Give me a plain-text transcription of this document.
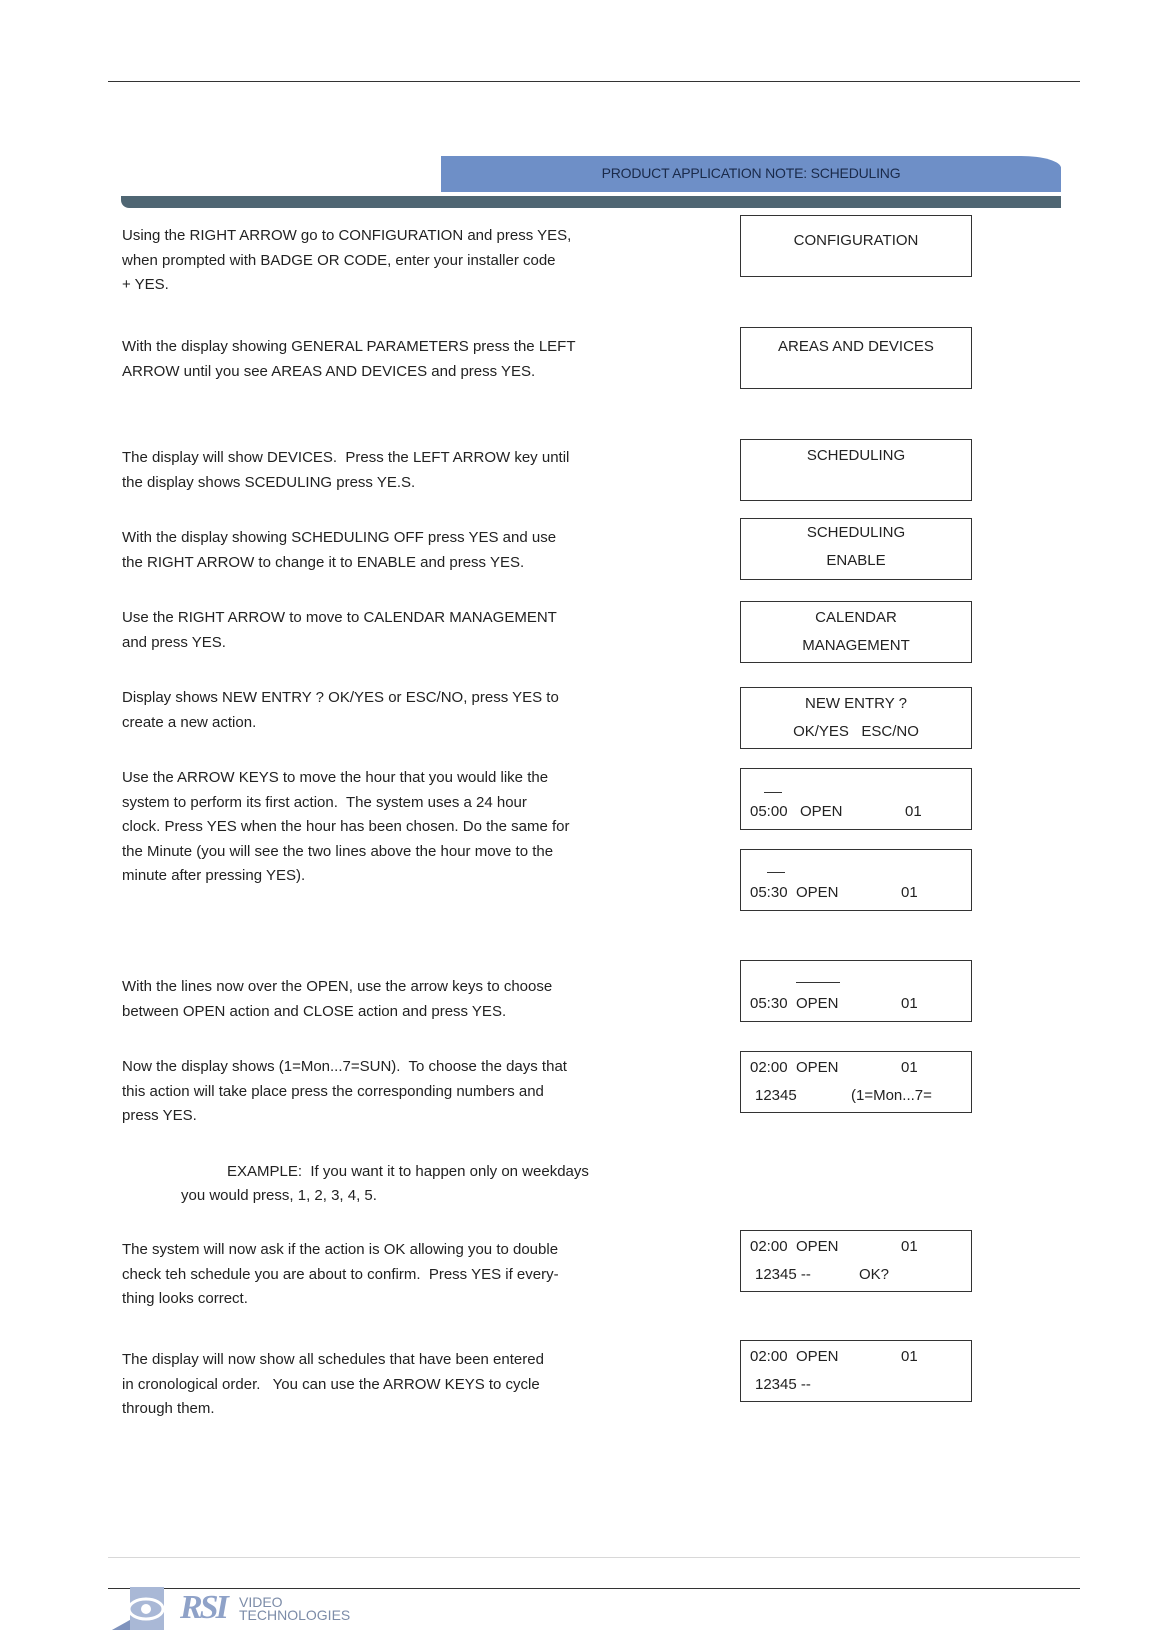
PRODUCT APPLICATION NOTE: SCHEDULING
Using the RIGHT ARROW go to CONFIGURATION and press YES,
when prompted with BADGE OR CODE, enter your installer code
+ YES.
With the display showing GENERAL PARAMETERS press the LEFT
ARROW until you see AREAS AND DEVICES and press YES.
The display will show DEVICES.  Press the LEFT ARROW key until
the display shows SCEDULING press YE.S.
With the display showing SCHEDULING OFF press YES and use
the RIGHT ARROW to change it to ENABLE and press YES.
Use the RIGHT ARROW to move to CALENDAR MANAGEMENT
and press YES.
Display shows NEW ENTRY ? OK/YES or ESC/NO, press YES to
create a new action.
Use the ARROW KEYS to move the hour that you would like the
system to perform its first action.  The system uses a 24 hour
clock. Press YES when the hour has been chosen. Do the same for
the Minute (you will see the two lines above the hour move to the
minute after pressing YES).
With the lines now over the OPEN, use the arrow keys to choose
between OPEN action and CLOSE action and press YES.
Now the display shows (1=Mon...7=SUN).  To choose the days that
this action will take place press the corresponding numbers and
press YES.
EXAMPLE:  If you want it to happen only on weekdays
you would press, 1, 2, 3, 4, 5.
The system will now ask if the action is OK allowing you to double
check teh schedule you are about to confirm.  Press YES if every-
thing looks correct.
The display will now show all schedules that have been entered
in cronological order.   You can use the ARROW KEYS to cycle
through them.
CONFIGURATION
AREAS AND DEVICES
SCHEDULING
SCHEDULING
ENABLE
CALENDAR
MANAGEMENT
NEW ENTRY ?
OK/YES   ESC/NO
05:00 OPEN	01
05:30 OPEN	01
05:30 OPEN	01
02:00 OPEN	01
12345	(1=Mon...7=
02:00 OPEN	01
12345 --	OK?
02:00 OPEN	01
12345 --
RSI VIDEO
TECHNOLOGIES
